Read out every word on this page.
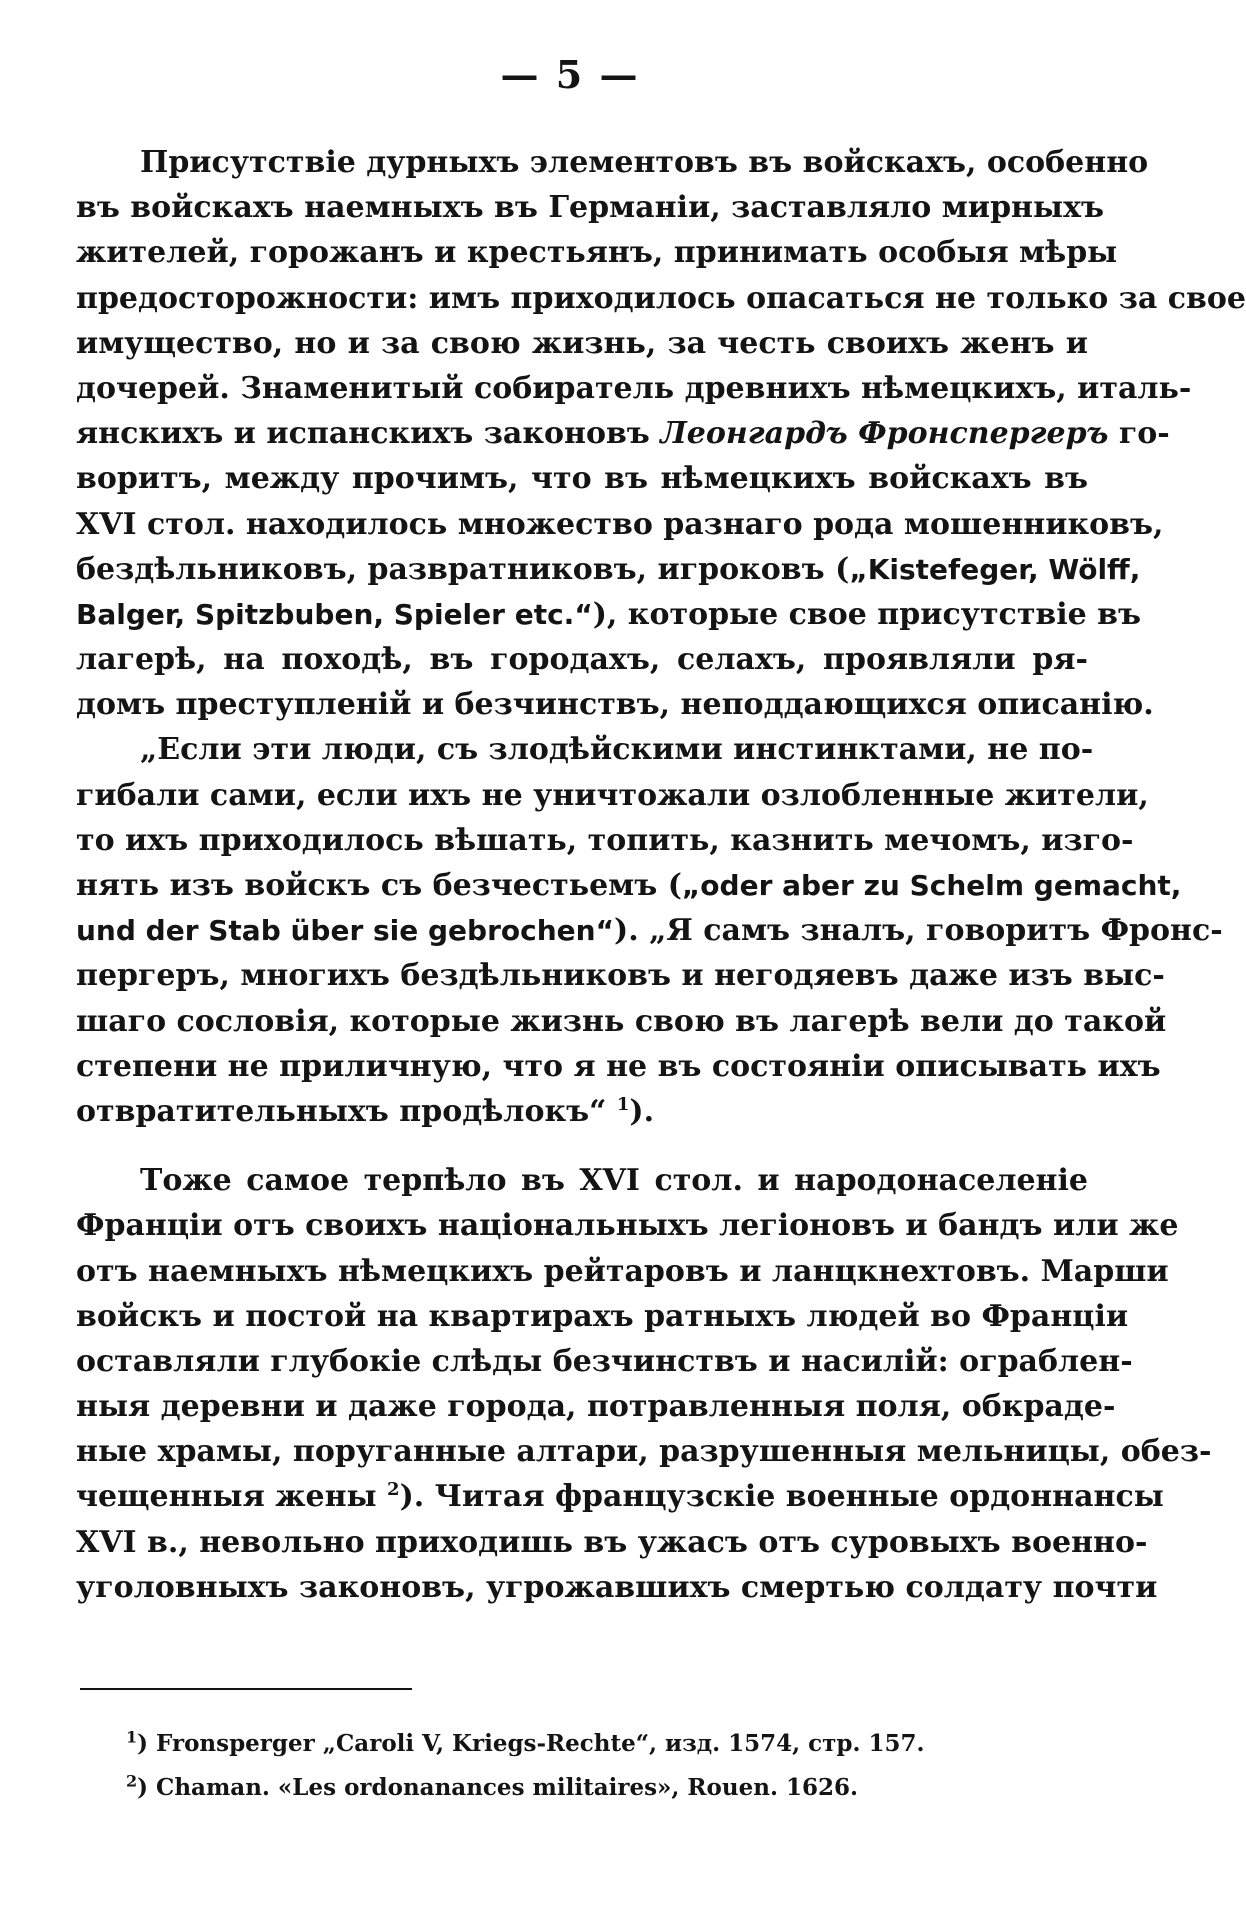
— 5 —
Присутствіе дурныхъ элементовъ въ войскахъ, особенно
въ войскахъ наемныхъ въ Германіи, заставляло мирныхъ
жителей, горожанъ и крестьянъ, принимать особыя мѣры
предосторожности: имъ приходилось опасаться не только за свое
имущество, но и за свою жизнь, за честь своихъ женъ и
дочерей. Знаменитый собиратель древнихъ нѣмецкихъ, италь-
янскихъ и испанскихъ законовъ Леонгардъ Фронспергеръ го-
воритъ, между прочимъ, что въ нѣмецкихъ войскахъ въ
XVI стол. находилось множество разнаго рода мошенниковъ,
бездѣльниковъ, развратниковъ, игроковъ („Kistefeger, Wölff,
Balger, Spitzbuben, Spieler etc.“), которые свое присутствіе въ
лагерѣ, на походѣ, въ городахъ, селахъ, проявляли ря-
домъ преступленій и безчинствъ, неподдающихся описанію.
„Если эти люди, съ злодѣйскими инстинктами, не по-
гибали сами, если ихъ не уничтожали озлобленные жители,
то ихъ приходилось вѣшать, топить, казнить мечомъ, изго-
нять изъ войскъ съ безчестьемъ („oder aber zu Schelm gemacht,
und der Stab über sie gebrochen“). „Я самъ зналъ, говоритъ Фронс-
пергеръ, многихъ бездѣльниковъ и негодяевъ даже изъ выс-
шаго сословія, которые жизнь свою въ лагерѣ вели до такой
степени не приличную, что я не въ состояніи описывать ихъ
отвратительныхъ продѣлокъ“ $^1$).
Тоже самое терпѣло въ XVI стол. и народонаселеніе
Франціи отъ своихъ національныхъ легіоновъ и бандъ или же
отъ наемныхъ нѣмецкихъ рейтаровъ и ланцкнехтовъ. Марши
войскъ и постой на квартирахъ ратныхъ людей во Франціи
оставляли глубокіе слѣды безчинствъ и насилій: ограблен-
ныя деревни и даже города, потравленныя поля, обкраде-
ные храмы, поруганные алтари, разрушенныя мельницы, обез-
чещенныя жены $^2$). Читая французскіе военные ордоннансы
XVI в., невольно приходишь въ ужасъ отъ суровыхъ военно-
уголовныхъ законовъ, угрожавшихъ смертью солдату почти
$^1$) Fronsperger „Caroli V, Kriegs-Rechte“, изд. 1574, стр. 157.
$^2$) Chaman. «Les ordonanances militaires», Rouen. 1626.
